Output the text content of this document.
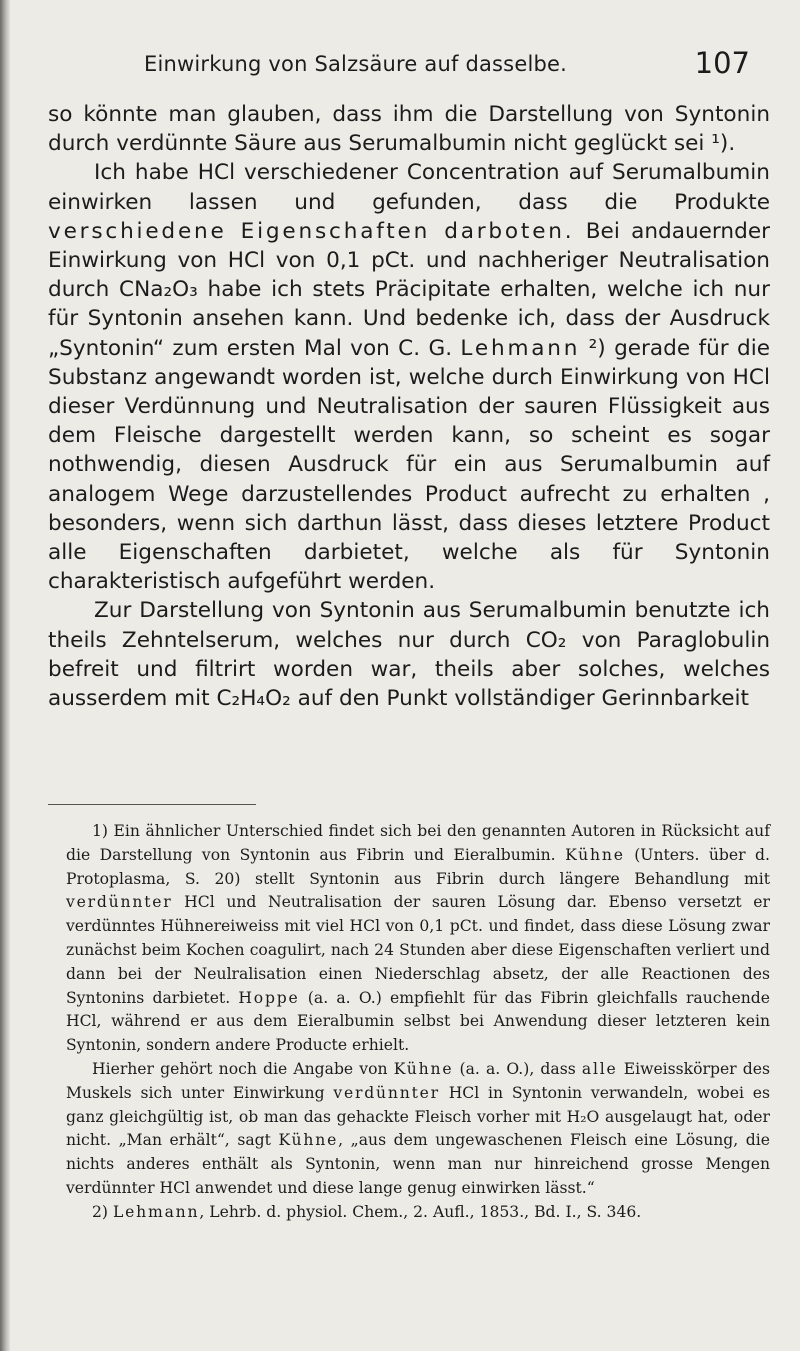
Einwirkung von Salzsäure auf dasselbe.	107

so könnte man glauben, dass ihm die Darstellung von Syntonin durch verdünnte Säure aus Serumalbumin nicht geglückt sei ¹).

Ich habe HCl verschiedener Concentration auf Serumalbumin einwirken lassen und gefunden, dass die Produkte verschiedene Eigenschaften darboten. Bei andauernder Einwirkung von HCl von 0,1 pCt. und nachheriger Neutralisation durch CNa₂O₃ habe ich stets Präcipitate erhalten, welche ich nur für Syntonin ansehen kann. Und bedenke ich, dass der Ausdruck „Syntonin“ zum ersten Mal von C. G. Lehmann ²) gerade für die Substanz angewandt worden ist, welche durch Einwirkung von HCl dieser Verdünnung und Neutralisation der sauren Flüssigkeit aus dem Fleische dargestellt werden kann, so scheint es sogar nothwendig, diesen Ausdruck für ein aus Serumalbumin auf analogem Wege darzustellendes Product aufrecht zu erhalten , besonders, wenn sich darthun lässt, dass dieses letztere Product alle Eigenschaften darbietet, welche als für Syntonin charakteristisch aufgeführt werden.

Zur Darstellung von Syntonin aus Serumalbumin benutzte ich theils Zehntelserum, welches nur durch CO₂ von Paraglobulin befreit und filtrirt worden war, theils aber solches, welches ausserdem mit C₂H₄O₂ auf den Punkt vollständiger Gerinnbarkeit

1) Ein ähnlicher Unterschied findet sich bei den genannten Autoren in Rücksicht auf die Darstellung von Syntonin aus Fibrin und Eieralbumin. Kühne (Unters. über d. Protoplasma, S. 20) stellt Syntonin aus Fibrin durch längere Behandlung mit verdünnter HCl und Neutralisation der sauren Lösung dar. Ebenso versetzt er verdünntes Hühnereiweiss mit viel HCl von 0,1 pCt. und findet, dass diese Lösung zwar zunächst beim Kochen coagulirt, nach 24 Stunden aber diese Eigenschaften verliert und dann bei der Neulralisation einen Niederschlag absetz, der alle Reactionen des Syntonins darbietet. Hoppe (a. a. O.) empfiehlt für das Fibrin gleichfalls rauchende HCl, während er aus dem Eieralbumin selbst bei Anwendung dieser letzteren kein Syntonin, sondern andere Producte erhielt.

Hierher gehört noch die Angabe von Kühne (a. a. O.), dass alle Eiweisskörper des Muskels sich unter Einwirkung verdünnter HCl in Syntonin verwandeln, wobei es ganz gleichgültig ist, ob man das gehackte Fleisch vorher mit H₂O ausgelaugt hat, oder nicht. „Man erhält“, sagt Kühne, „aus dem ungewaschenen Fleisch eine Lösung, die nichts anderes enthält als Syntonin, wenn man nur hinreichend grosse Mengen verdünnter HCl anwendet und diese lange genug einwirken lässt.“

2) Lehmann, Lehrb. d. physiol. Chem., 2. Aufl., 1853., Bd. I., S. 346.
